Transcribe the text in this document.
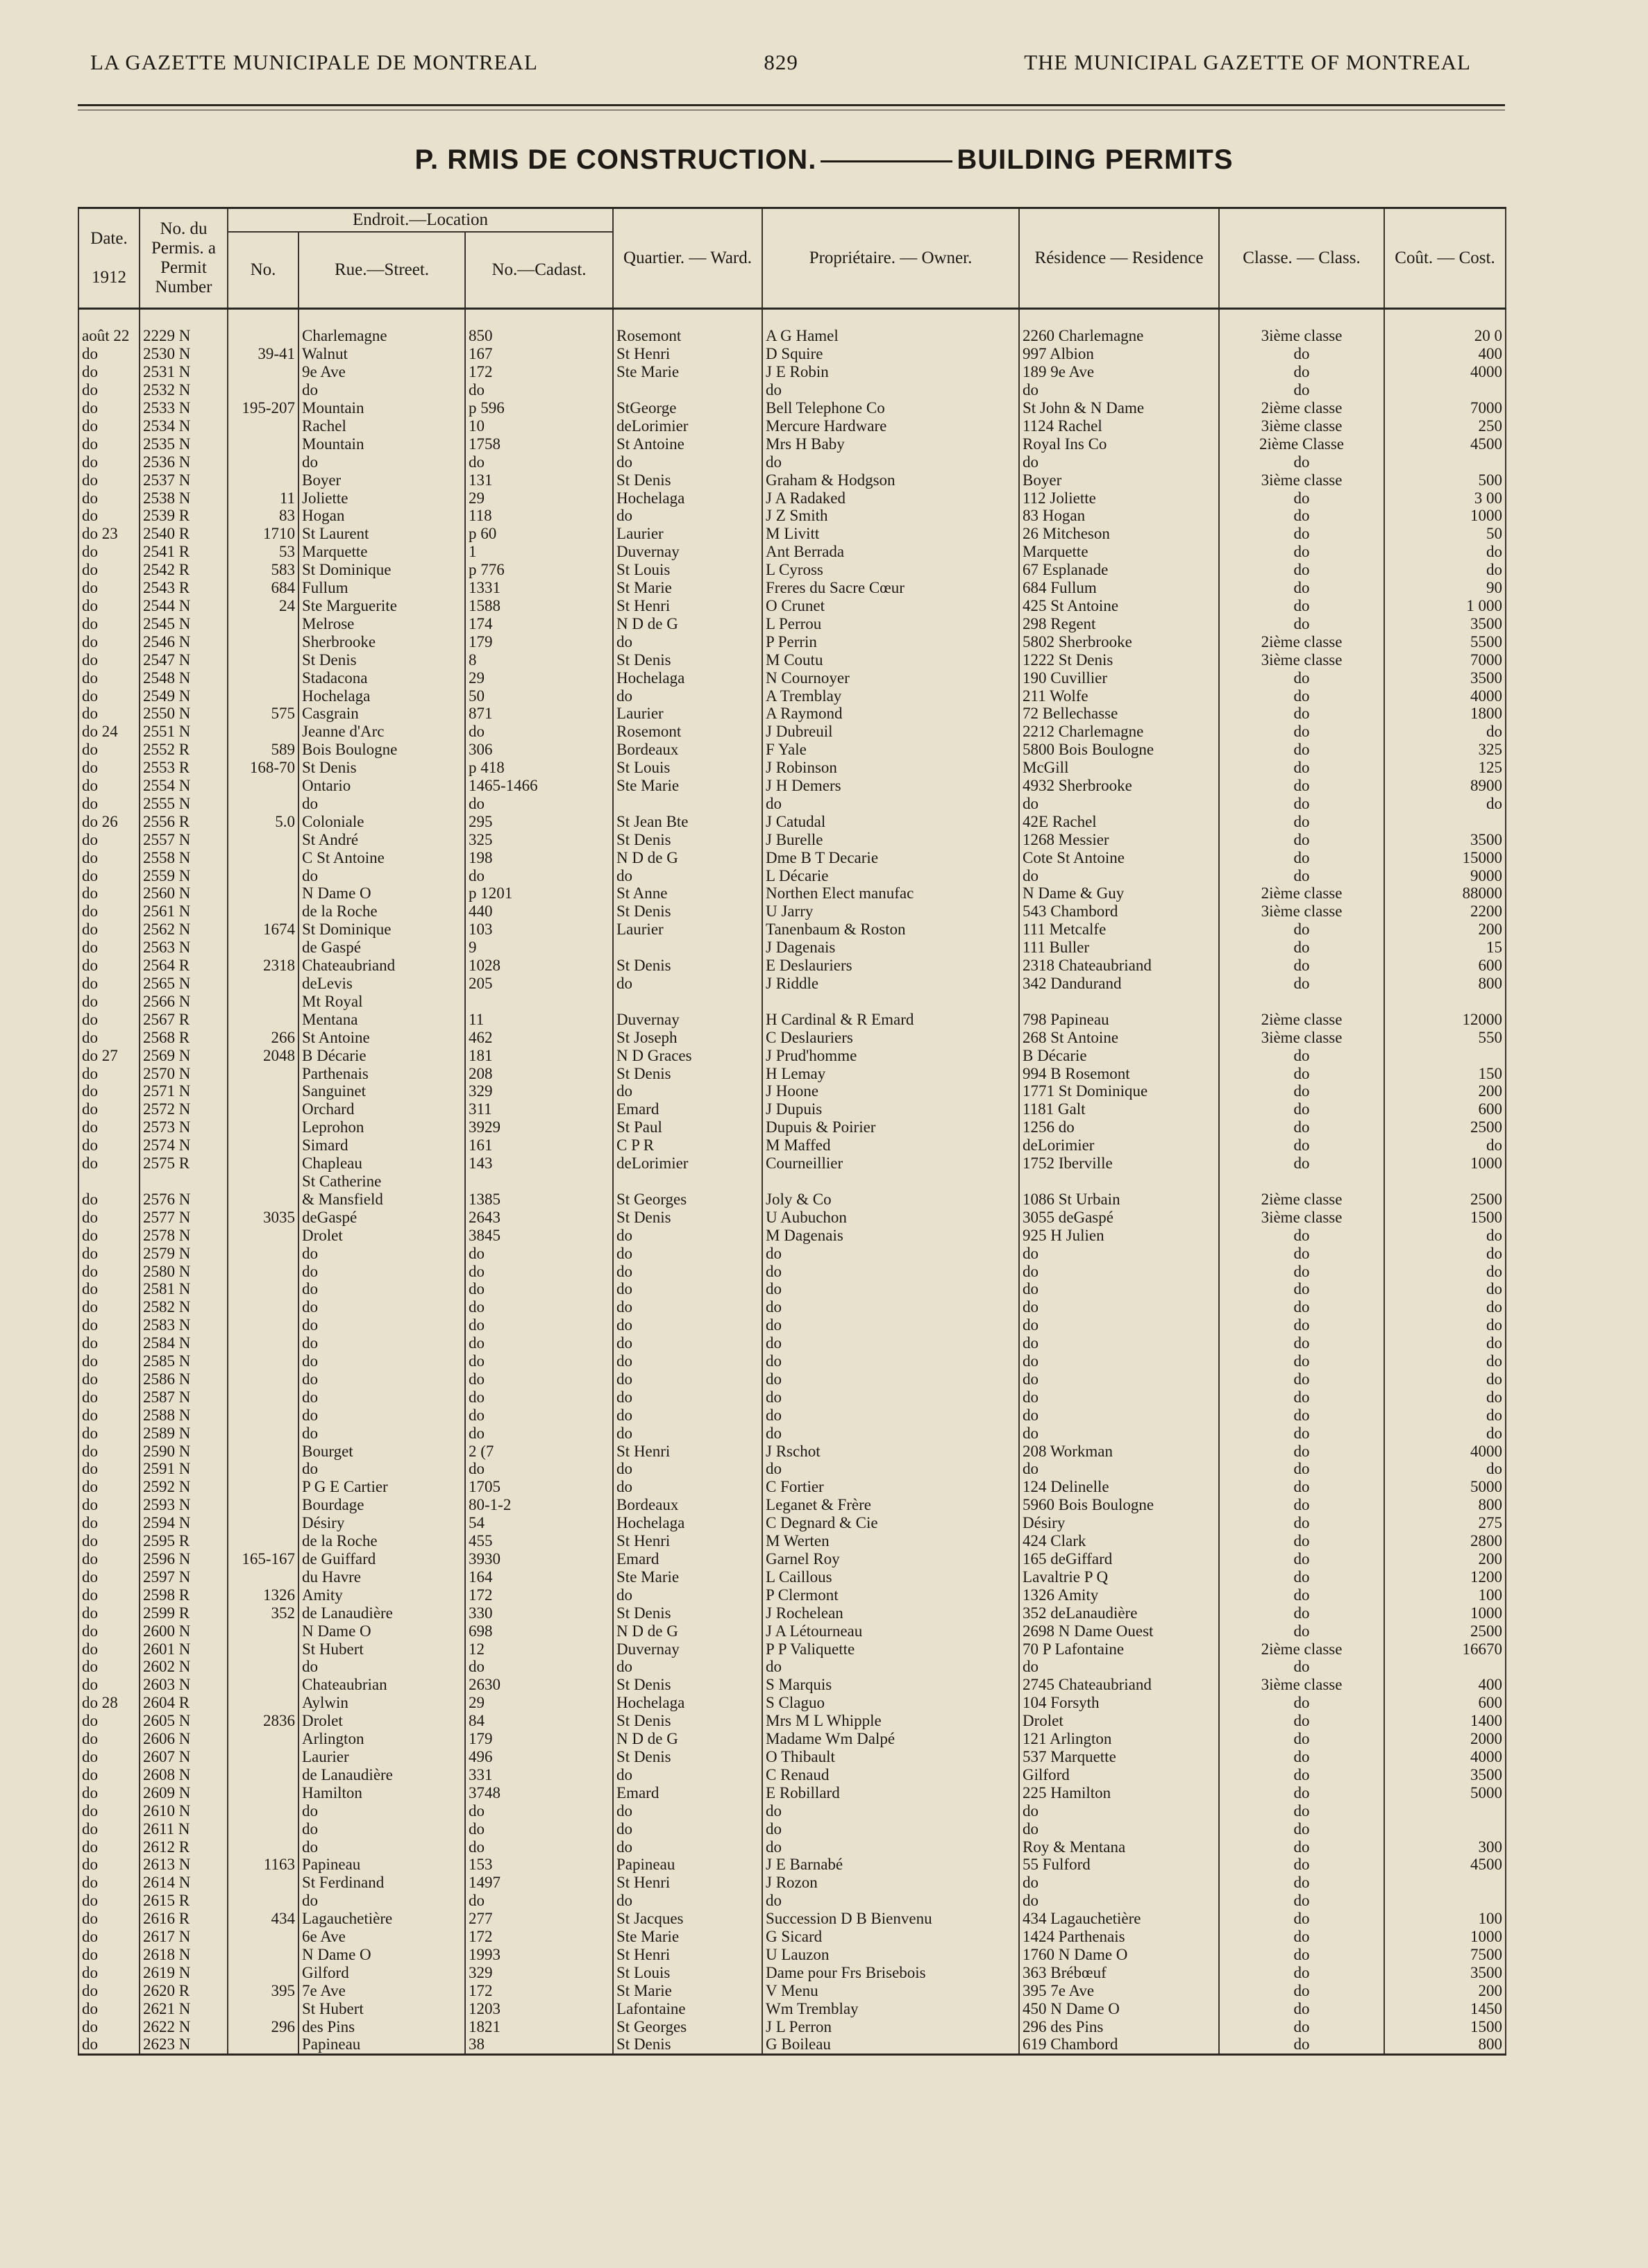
LA GAZETTE MUNICIPALE DE MONTREAL	829	THE MUNICIPAL GAZETTE OF MONTREAL
P. RMIS DE CONSTRUCTION.	BUILDING PERMITS
Date.

1912	No. du Permis. a Permit Number	Endroit.—Location			Quartier. — Ward.	Propriétaire. — Owner.	Résidence — Residence	Classe. — Class.	Coût. — Cost.
		No.	Rue.—Street.	No.—Cadast.					

août 22	2229 N		Charlemagne	850	Rosemont	A G Hamel	2260 Charlemagne	3ième classe	20 0
do	2530 N	39-41	Walnut	167	St Henri	D Squire	997 Albion	do	400
do	2531 N		9e Ave	172	Ste Marie	J E Robin	189 9e Ave	do	4000
do	2532 N		do	do		do	do	do	
do	2533 N	195-207	Mountain	p 596	StGeorge	Bell Telephone Co	St John & N Dame	2ième classe	7000
do	2534 N		Rachel	10	deLorimier	Mercure Hardware	1124 Rachel	3ième classe	250
do	2535 N		Mountain	1758	St Antoine	Mrs H Baby	Royal Ins Co	2ième Classe	4500
do	2536 N		do	do	do	do	do	do	
do	2537 N		Boyer	131	St Denis	Graham & Hodgson	Boyer	3ième classe	500
do	2538 N	11	Joliette	29	Hochelaga	J A Radaked	112 Joliette	do	3 00
do	2539 R	83	Hogan	118	do	J Z Smith	83 Hogan	do	1000
do 23	2540 R	1710	St Laurent	p 60	Laurier	M Livitt	26 Mitcheson	do	50
do	2541 R	53	Marquette	1	Duvernay	Ant Berrada	Marquette	do	do
do	2542 R	583	St Dominique	p 776	St Louis	L Cyross	67 Esplanade	do	do
do	2543 R	684	Fullum	1331	St Marie	Freres du Sacre Cœur	684 Fullum	do	90
do	2544 N	24	Ste Marguerite	1588	St Henri	O Crunet	425 St Antoine	do	1 000
do	2545 N		Melrose	174	N D de G	L Perrou	298 Regent	do	3500
do	2546 N		Sherbrooke	179	do	P Perrin	5802 Sherbrooke	2ième classe	5500
do	2547 N		St Denis	8	St Denis	M Coutu	1222 St Denis	3ième classe	7000
do	2548 N		Stadacona	29	Hochelaga	N Cournoyer	190 Cuvillier	do	3500
do	2549 N		Hochelaga	50	do	A Tremblay	211 Wolfe	do	4000
do	2550 N	575	Casgrain	871	Laurier	A Raymond	72 Bellechasse	do	1800
do 24	2551 N		Jeanne d'Arc	do	Rosemont	J Dubreuil	2212 Charlemagne	do	do
do	2552 R	589	Bois Boulogne	306	Bordeaux	F Yale	5800 Bois Boulogne	do	325
do	2553 R	168-70	St Denis	p 418	St Louis	J Robinson	McGill	do	125
do	2554 N		Ontario	1465-1466	Ste Marie	J H Demers	4932 Sherbrooke	do	8900
do	2555 N		do	do		do	do	do	do
do 26	2556 R	5.0	Coloniale	295	St Jean Bte	J Catudal	42E Rachel	do	
do	2557 N		St André	325	St Denis	J Burelle	1268 Messier	do	3500
do	2558 N		C St Antoine	198	N D de G	Dme B T Decarie	Cote St Antoine	do	15000
do	2559 N		do	do	do	L Décarie	do	do	9000
do	2560 N		N Dame O	p 1201	St Anne	Northen Elect manufac	N Dame & Guy	2ième classe	88000
do	2561 N		de la Roche	440	St Denis	U Jarry	543 Chambord	3ième classe	2200
do	2562 N	1674	St Dominique	103	Laurier	Tanenbaum & Roston	111 Metcalfe	do	200
do	2563 N		de Gaspé	9		J Dagenais	111 Buller	do	15
do	2564 R	2318	Chateaubriand	1028	St Denis	E Deslauriers	2318 Chateaubriand	do	600
do	2565 N		deLevis	205	do	J Riddle	342 Dandurand	do	800
do	2566 N		Mt Royal						
do	2567 R		Mentana	11	Duvernay	H Cardinal & R Emard	798 Papineau	2ième classe	12000
do	2568 R	266	St Antoine	462	St Joseph	C Deslauriers	268 St Antoine	3ième classe	550
do 27	2569 N	2048	B Décarie	181	N D Graces	J Prud'homme	B Décarie	do	
do	2570 N		Parthenais	208	St Denis	H Lemay	994 B Rosemont	do	150
do	2571 N		Sanguinet	329	do	J Hoone	1771 St Dominique	do	200
do	2572 N		Orchard	311	Emard	J Dupuis	1181 Galt	do	600
do	2573 N		Leprohon	3929	St Paul	Dupuis & Poirier	1256 do	do	2500
do	2574 N		Simard	161	C P R	M Maffed	deLorimier	do	do
do	2575 R		Chapleau	143	deLorimier	Courneillier	1752 Iberville	do	1000
			St Catherine						
do	2576 N		& Mansfield	1385	St Georges	Joly & Co	1086 St Urbain	2ième classe	2500
do	2577 N	3035	deGaspé	2643	St Denis	U Aubuchon	3055 deGaspé	3ième classe	1500
do	2578 N		Drolet	3845	do	M Dagenais	925 H Julien	do	do
do	2579 N		do	do	do	do	do	do	do
do	2580 N		do	do	do	do	do	do	do
do	2581 N		do	do	do	do	do	do	do
do	2582 N		do	do	do	do	do	do	do
do	2583 N		do	do	do	do	do	do	do
do	2584 N		do	do	do	do	do	do	do
do	2585 N		do	do	do	do	do	do	do
do	2586 N		do	do	do	do	do	do	do
do	2587 N		do	do	do	do	do	do	do
do	2588 N		do	do	do	do	do	do	do
do	2589 N		do	do	do	do	do	do	do
do	2590 N		Bourget	2 (7	St Henri	J Rschot	208 Workman	do	4000
do	2591 N		do	do	do	do	do	do	do
do	2592 N		P G E Cartier	1705	do	C Fortier	124 Delinelle	do	5000
do	2593 N		Bourdage	80-1-2	Bordeaux	Leganet & Frère	5960 Bois Boulogne	do	800
do	2594 N		Désiry	54	Hochelaga	C Degnard & Cie	Désiry	do	275
do	2595 R		de la Roche	455	St Henri	M Werten	424 Clark	do	2800
do	2596 N	165-167	de Guiffard	3930	Emard	Garnel Roy	165 deGiffard	do	200
do	2597 N		du Havre	164	Ste Marie	L Caillous	Lavaltrie P Q	do	1200
do	2598 R	1326	Amity	172	do	P Clermont	1326 Amity	do	100
do	2599 R	352	de Lanaudière	330	St Denis	J Rochelean	352 deLanaudière	do	1000
do	2600 N		N Dame O	698	N D de G	J A Létourneau	2698 N Dame Ouest	do	2500
do	2601 N		St Hubert	12	Duvernay	P P Valiquette	70 P Lafontaine	2ième classe	16670
do	2602 N		do	do	do	do	do	do	
do	2603 N		Chateaubrian	2630	St Denis	S Marquis	2745 Chateaubriand	3ième classe	400
do 28	2604 R		Aylwin	29	Hochelaga	S Claguo	104 Forsyth	do	600
do	2605 N	2836	Drolet	84	St Denis	Mrs M L Whipple	Drolet	do	1400
do	2606 N		Arlington	179	N D de G	Madame Wm Dalpé	121 Arlington	do	2000
do	2607 N		Laurier	496	St Denis	O Thibault	537 Marquette	do	4000
do	2608 N		de Lanaudière	331	do	C Renaud	Gilford	do	3500
do	2609 N		Hamilton	3748	Emard	E Robillard	225 Hamilton	do	5000
do	2610 N		do	do	do	do	do	do	
do	2611 N		do	do	do	do	do	do	
do	2612 R		do	do	do	do	Roy & Mentana	do	300
do	2613 N	1163	Papineau	153	Papineau	J E Barnabé	55 Fulford	do	4500
do	2614 N		St Ferdinand	1497	St Henri	J Rozon	do	do	
do	2615 R		do	do	do	do	do	do	
do	2616 R	434	Lagauchetière	277	St Jacques	Succession D B Bienvenu	434 Lagauchetière	do	100
do	2617 N		6e Ave	172	Ste Marie	G Sicard	1424 Parthenais	do	1000
do	2618 N		N Dame O	1993	St Henri	U Lauzon	1760 N Dame O	do	7500
do	2619 N		Gilford	329	St Louis	Dame pour Frs Brisebois	363 Brébœuf	do	3500
do	2620 R	395	7e Ave	172	St Marie	V Menu	395 7e Ave	do	200
do	2621 N		St Hubert	1203	Lafontaine	Wm Tremblay	450 N Dame O	do	1450
do	2622 N	296	des Pins	1821	St Georges	J L Perron	296 des Pins	do	1500
do	2623 N		Papineau	38	St Denis	G Boileau	619 Chambord	do	800
